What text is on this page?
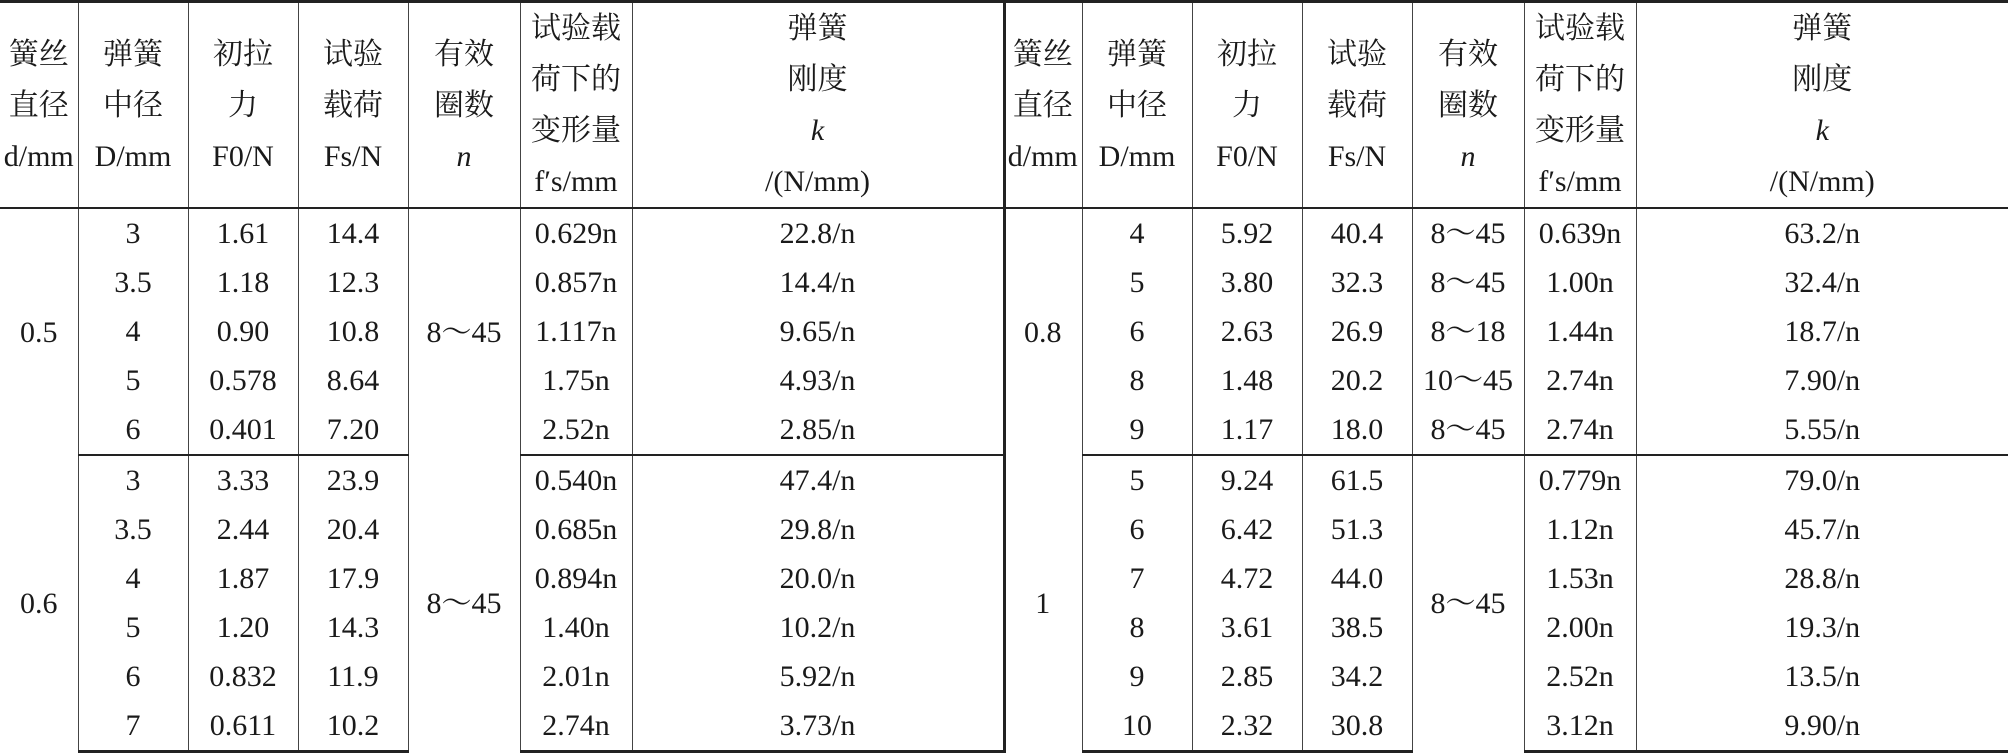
簧丝
直径
d/mm	弹簧
中径
D/mm	初拉
力
F0/N	试验
载荷
Fs/N	有效
圈数
n	试验载
荷下的
变形量
f′s/mm	弹簧
刚度
k
/(N/mm)

0.5	3	1.61	14.4	8～45	0.629n	22.8/n
	3.5	1.18	12.3		0.857n	14.4/n
	4	0.90	10.8		1.117n	9.65/n
	5	0.578	8.64		1.75n	4.93/n
	6	0.401	7.20		2.52n	2.85/n
0.6	3	3.33	23.9	8～45	0.540n	47.4/n
	3.5	2.44	20.4		0.685n	29.8/n
	4	1.87	17.9		0.894n	20.0/n
	5	1.20	14.3		1.40n	10.2/n
	6	0.832	11.9		2.01n	5.92/n
	7	0.611	10.2		2.74n	3.73/n
簧丝
直径
d/mm	弹簧
中径
D/mm	初拉
力
F0/N	试验
载荷
Fs/N	有效
圈数
n	试验载
荷下的
变形量
f′s/mm	弹簧
刚度
k
/(N/mm)

0.8	4	5.92	40.4	8～45	0.639n	63.2/n
	5	3.80	32.3	8～45	1.00n	32.4/n
	6	2.63	26.9	8～18	1.44n	18.7/n
	8	1.48	20.2	10～45	2.74n	7.90/n
	9	1.17	18.0	8～45	2.74n	5.55/n
1	5	9.24	61.5	8～45	0.779n	79.0/n
	6	6.42	51.3		1.12n	45.7/n
	7	4.72	44.0		1.53n	28.8/n
	8	3.61	38.5		2.00n	19.3/n
	9	2.85	34.2		2.52n	13.5/n
	10	2.32	30.8		3.12n	9.90/n
